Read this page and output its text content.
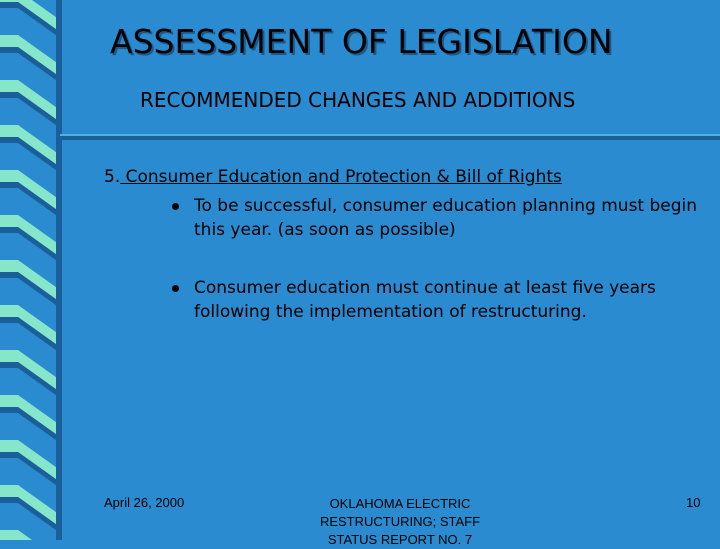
ASSESSMENT OF LEGISLATION
RECOMMENDED CHANGES AND ADDITIONS
5. Consumer Education and Protection & Bill of Rights
To be successful, consumer education planning must begin this year. (as soon as possible)
Consumer education must continue at least five years following the implementation of restructuring.
April 26, 2000	OKLAHOMA ELECTRIC RESTRUCTURING; STAFF STATUS REPORT NO. 7
10
